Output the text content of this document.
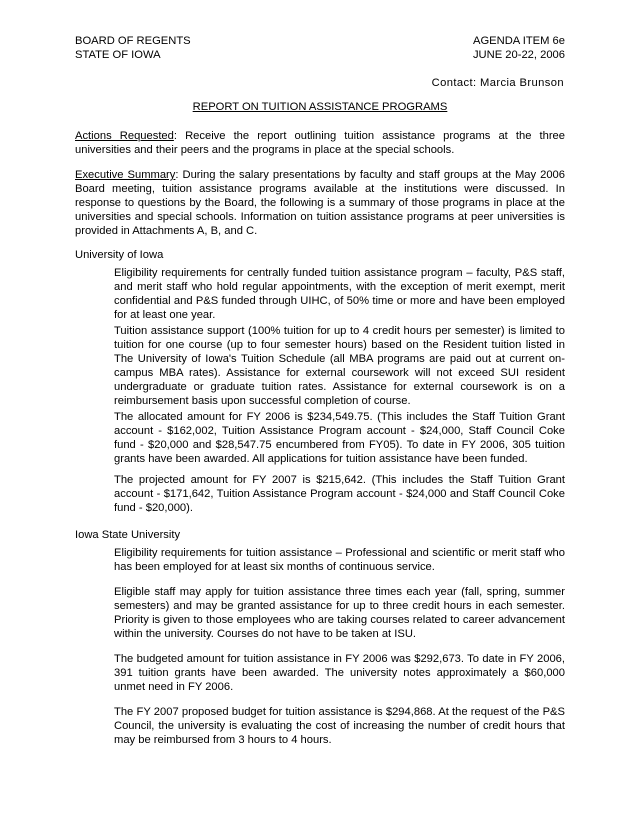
BOARD OF REGENTS	AGENDA ITEM 6e
STATE OF IOWA	JUNE 20-22, 2006
Contact: Marcia Brunson
REPORT ON TUITION ASSISTANCE PROGRAMS
Actions Requested: Receive the report outlining tuition assistance programs at the three universities and their peers and the programs in place at the special schools.
Executive Summary: During the salary presentations by faculty and staff groups at the May 2006 Board meeting, tuition assistance programs available at the institutions were discussed. In response to questions by the Board, the following is a summary of those programs in place at the universities and special schools. Information on tuition assistance programs at peer universities is provided in Attachments A, B, and C.
University of Iowa
Eligibility requirements for centrally funded tuition assistance program – faculty, P&S staff, and merit staff who hold regular appointments, with the exception of merit exempt, merit confidential and P&S funded through UIHC, of 50% time or more and have been employed for at least one year.
Tuition assistance support (100% tuition for up to 4 credit hours per semester) is limited to tuition for one course (up to four semester hours) based on the Resident tuition listed in The University of Iowa's Tuition Schedule (all MBA programs are paid out at current on-campus MBA rates). Assistance for external coursework will not exceed SUI resident undergraduate or graduate tuition rates. Assistance for external coursework is on a reimbursement basis upon successful completion of course.
The allocated amount for FY 2006 is $234,549.75. (This includes the Staff Tuition Grant account - $162,002, Tuition Assistance Program account - $24,000, Staff Council Coke fund - $20,000 and $28,547.75 encumbered from FY05). To date in FY 2006, 305 tuition grants have been awarded. All applications for tuition assistance have been funded.
The projected amount for FY 2007 is $215,642. (This includes the Staff Tuition Grant account - $171,642, Tuition Assistance Program account - $24,000 and Staff Council Coke fund - $20,000).
Iowa State University
Eligibility requirements for tuition assistance – Professional and scientific or merit staff who has been employed for at least six months of continuous service.
Eligible staff may apply for tuition assistance three times each year (fall, spring, summer semesters) and may be granted assistance for up to three credit hours in each semester. Priority is given to those employees who are taking courses related to career advancement within the university. Courses do not have to be taken at ISU.
The budgeted amount for tuition assistance in FY 2006 was $292,673. To date in FY 2006, 391 tuition grants have been awarded. The university notes approximately a $60,000 unmet need in FY 2006.
The FY 2007 proposed budget for tuition assistance is $294,868. At the request of the P&S Council, the university is evaluating the cost of increasing the number of credit hours that may be reimbursed from 3 hours to 4 hours.
